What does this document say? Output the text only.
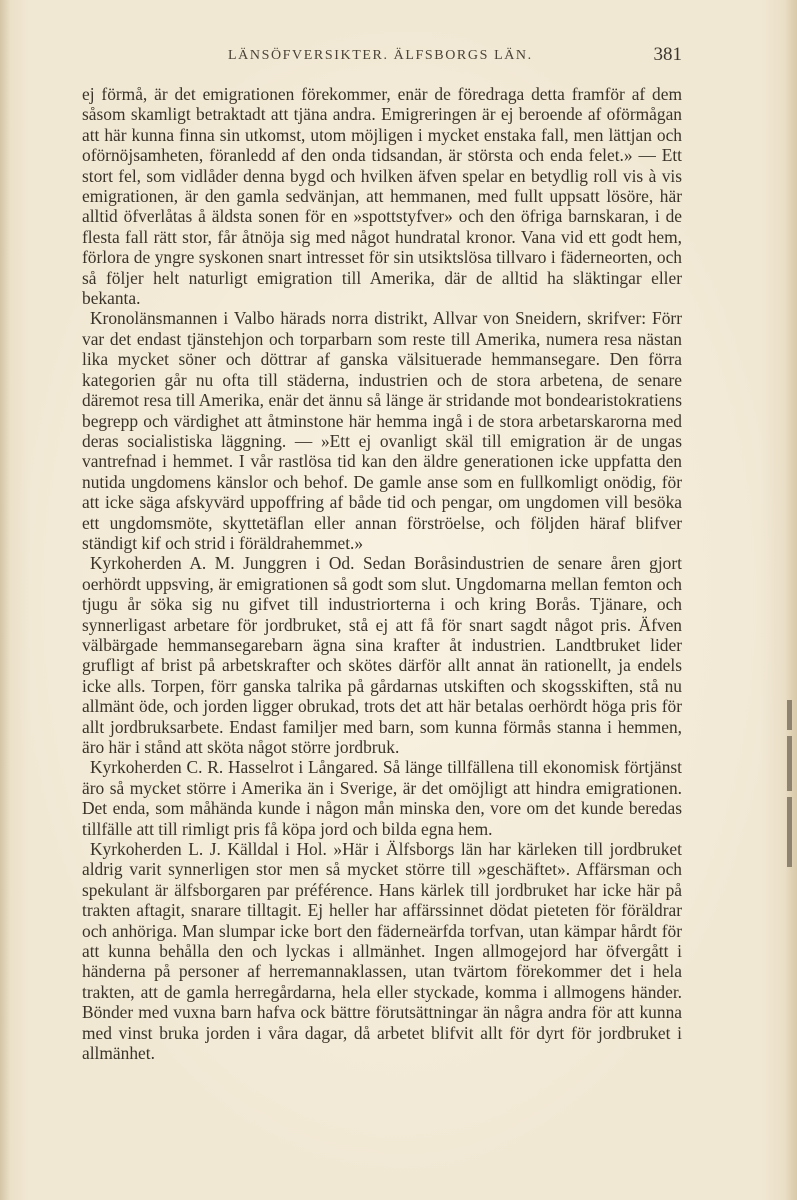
LÄNSÖFVERSIKTER. ÄLFSBORGS LÄN.	381

ej förmå, är det emigrationen förekommer, enär de föredraga detta framför af dem såsom skamligt betraktadt att tjäna andra. Emigreringen är ej beroende af oförmågan att här kunna finna sin utkomst, utom möjligen i mycket enstaka fall, men lättjan och oförnöjsamheten, föranledd af den onda tidsandan, är största och enda felet.» — Ett stort fel, som vidlåder denna bygd och hvilken äfven spelar en betydlig roll vis à vis emigrationen, är den gamla sedvänjan, att hemmanen, med fullt uppsatt lösöre, här alltid öfverlåtas å äldsta sonen för en »spottstyfver» och den öfriga barnskaran, i de flesta fall rätt stor, får åtnöja sig med något hundratal kronor. Vana vid ett godt hem, förlora de yngre syskonen snart intresset för sin utsiktslösa tillvaro i fäderneorten, och så följer helt naturligt emigration till Amerika, där de alltid ha släktingar eller bekanta.

Kronolänsmannen i Valbo härads norra distrikt, Allvar von Sneidern, skrifver: Förr var det endast tjänstehjon och torparbarn som reste till Amerika, numera resa nästan lika mycket söner och döttrar af ganska välsituerade hemmansegare. Den förra kategorien går nu ofta till städerna, industrien och de stora arbetena, de senare däremot resa till Amerika, enär det ännu så länge är stridande mot bondearistokratiens begrepp och värdighet att åtminstone här hemma ingå i de stora arbetarskarorna med deras socialistiska läggning. — »Ett ej ovanligt skäl till emigration är de ungas vantrefnad i hemmet. I vår rastlösa tid kan den äldre generationen icke uppfatta den nutida ungdomens känslor och behof. De gamle anse som en fullkomligt onödig, för att icke säga afskyvärd uppoffring af både tid och pengar, om ungdomen vill besöka ett ungdomsmöte, skyttetäflan eller annan förströelse, och följden häraf blifver ständigt kif och strid i föräldrahemmet.»

Kyrkoherden A. M. Junggren i Od. Sedan Boråsindustrien de senare åren gjort oerhördt uppsving, är emigrationen så godt som slut. Ungdomarna mellan femton och tjugu år söka sig nu gifvet till industriorterna i och kring Borås. Tjänare, och synnerligast arbetare för jordbruket, stå ej att få för snart sagdt något pris. Äfven välbärgade hemmansegarebarn ägna sina krafter åt industrien. Landtbruket lider grufligt af brist på arbetskrafter och skötes därför allt annat än rationellt, ja endels icke alls. Torpen, förr ganska talrika på gårdarnas utskiften och skogsskiften, stå nu allmänt öde, och jorden ligger obrukad, trots det att här betalas oerhördt höga pris för allt jordbruksarbete. Endast familjer med barn, som kunna förmås stanna i hemmen, äro här i stånd att sköta något större jordbruk.

Kyrkoherden C. R. Hasselrot i Långared. Så länge tillfällena till ekonomisk förtjänst äro så mycket större i Amerika än i Sverige, är det omöjligt att hindra emigrationen. Det enda, som måhända kunde i någon mån minska den, vore om det kunde beredas tillfälle att till rimligt pris få köpa jord och bilda egna hem.

Kyrkoherden L. J. Källdal i Hol. »Här i Älfsborgs län har kärleken till jordbruket aldrig varit synnerligen stor men så mycket större till »geschäftet». Affärsman och spekulant är älfsborgaren par préférence. Hans kärlek till jordbruket har icke här på trakten aftagit, snarare tilltagit. Ej heller har affärssinnet dödat pieteten för föräldrar och anhöriga. Man slumpar icke bort den fäderneärfda torfvan, utan kämpar hårdt för att kunna behålla den och lyckas i allmänhet. Ingen allmogejord har öfvergått i händerna på personer af herremannaklassen, utan tvärtom förekommer det i hela trakten, att de gamla herregårdarna, hela eller styckade, komma i allmogens händer. Bönder med vuxna barn hafva ock bättre förutsättningar än några andra för att kunna med vinst bruka jorden i våra dagar, då arbetet blifvit allt för dyrt för jordbruket i allmänhet.
